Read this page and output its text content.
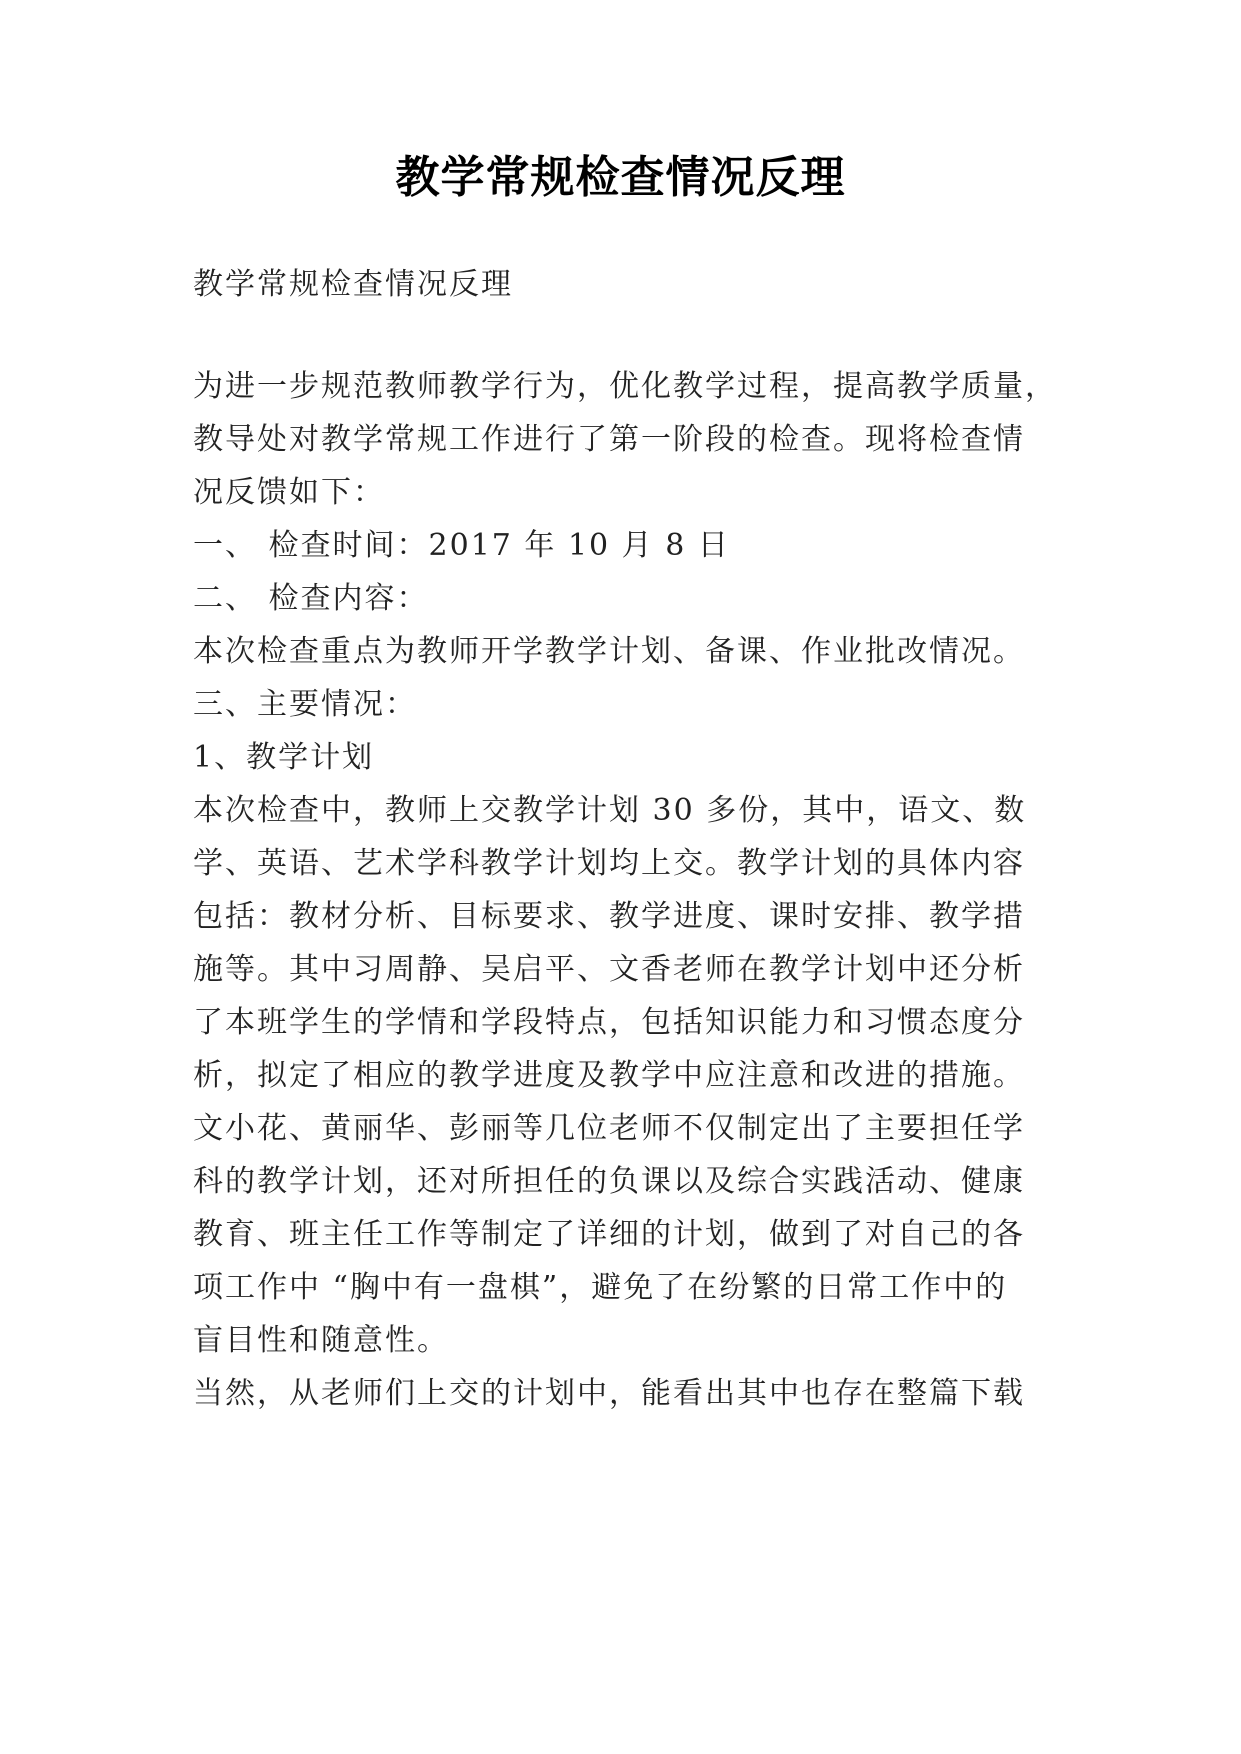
教学常规检查情况反理
教学常规检查情况反理
为进一步规范教师教学行为，优化教学过程，提高教学质量，
教导处对教学常规工作进行了第一阶段的检查。现将检查情
况反馈如下：
一、 检查时间：2017 年 10 月 8 日
二、 检查内容：
本次检查重点为教师开学教学计划、备课、作业批改情况。
三、主要情况：
1、教学计划
本次检查中，教师上交教学计划 30 多份，其中，语文、数
学、英语、艺术学科教学计划均上交。教学计划的具体内容
包括：教材分析、目标要求、教学进度、课时安排、教学措
施等。其中习周静、吴启平、文香老师在教学计划中还分析
了本班学生的学情和学段特点，包括知识能力和习惯态度分
析，拟定了相应的教学进度及教学中应注意和改进的措施。
文小花、黄丽华、彭丽等几位老师不仅制定出了主要担任学
科的教学计划，还对所担任的负课以及综合实践活动、健康
教育、班主任工作等制定了详细的计划，做到了对自己的各
项工作中 “胸中有一盘棋”，避免了在纷繁的日常工作中的
盲目性和随意性。
当然，从老师们上交的计划中，能看出其中也存在整篇下载
